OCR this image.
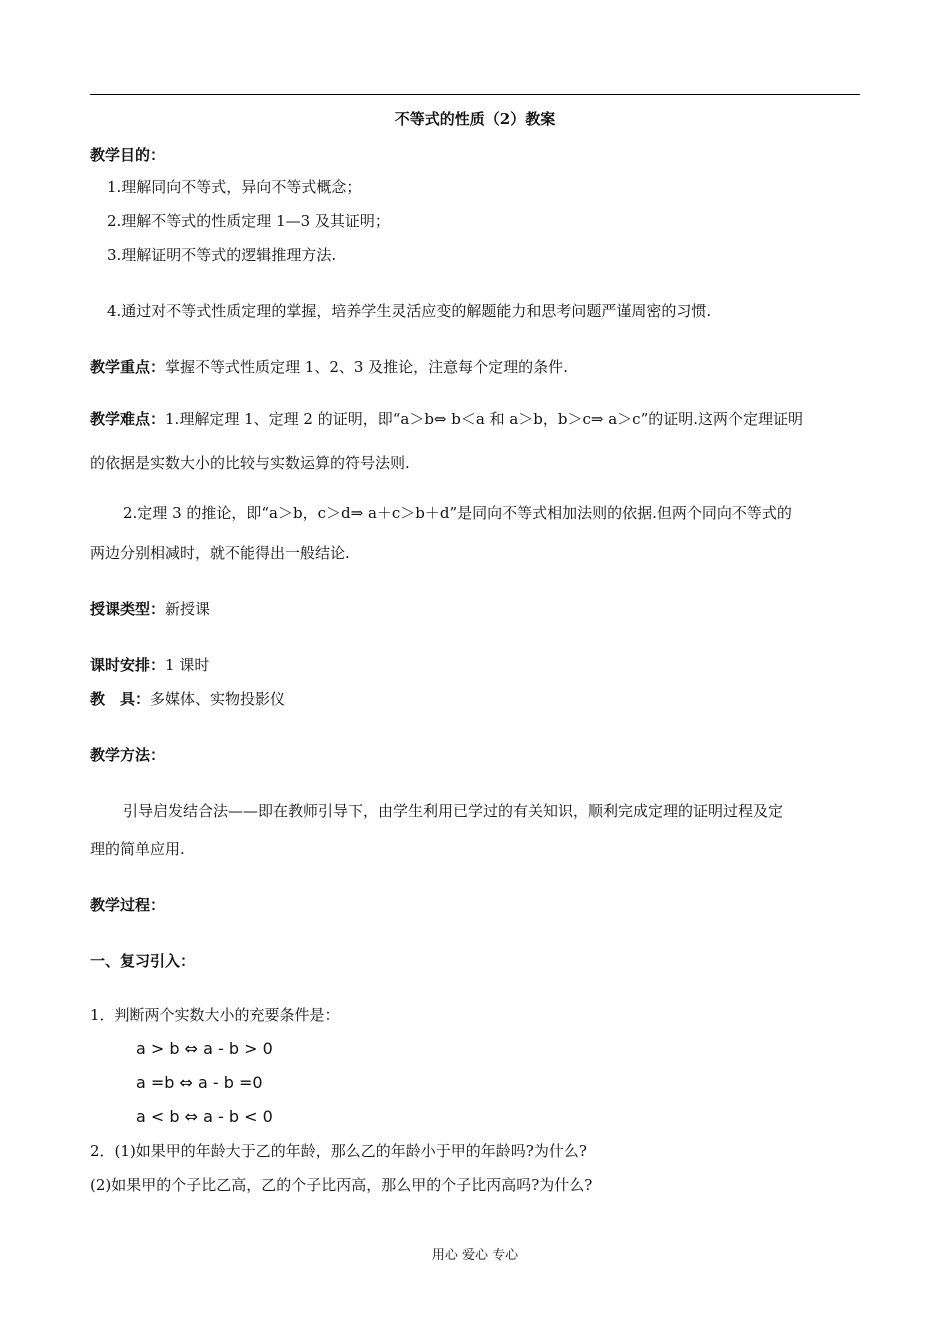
不等式的性质（2）教案
教学目的：
1.理解同向不等式，异向不等式概念；
2.理解不等式的性质定理 1—3 及其证明；
3.理解证明不等式的逻辑推理方法.
4.通过对不等式性质定理的掌握，培养学生灵活应变的解题能力和思考问题严谨周密的习惯.
教学重点：掌握不等式性质定理 1、2、3 及推论，注意每个定理的条件.
教学难点：1.理解定理 1、定理 2 的证明，即“a＞b⇔ b＜a 和 a＞b，b＞c⇒ a＞c”的证明.这两个定理证明
的依据是实数大小的比较与实数运算的符号法则.
2.定理 3 的推论，即“a＞b，c＞d⇒ a＋c＞b＋d”是同向不等式相加法则的依据.但两个同向不等式的
两边分别相减时，就不能得出一般结论.
授课类型：新授课
课时安排：1 课时
教　具：多媒体、实物投影仪
教学方法：
引导启发结合法——即在教师引导下，由学生利用已学过的有关知识，顺利完成定理的证明过程及定
理的简单应用.
教学过程：
一、复习引入：
1．判断两个实数大小的充要条件是：
a > b ⇔ a - b > 0
a =b ⇔ a - b =0
a < b ⇔ a - b < 0
2．(1)如果甲的年龄大于乙的年龄，那么乙的年龄小于甲的年龄吗?为什么?
(2)如果甲的个子比乙高，乙的个子比丙高，那么甲的个子比丙高吗?为什么?
用心 爱心 专心
